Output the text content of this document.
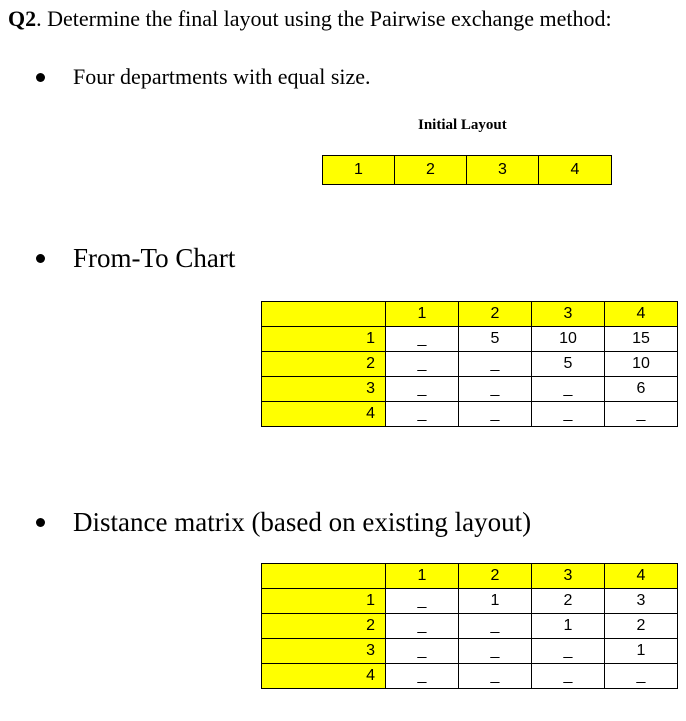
Q2. Determine the final layout using the Pairwise exchange method:
Four departments with equal size.
Initial Layout
1	2	3	4
From-To Chart
	1	2	3	4
1	_	5	10	15
2	_	_	5	10
3	_	_	_	6
4	_	_	_	_
Distance matrix (based on existing layout)
	1	2	3	4
1	_	1	2	3
2	_	_	1	2
3	_	_	_	1
4	_	_	_	_
